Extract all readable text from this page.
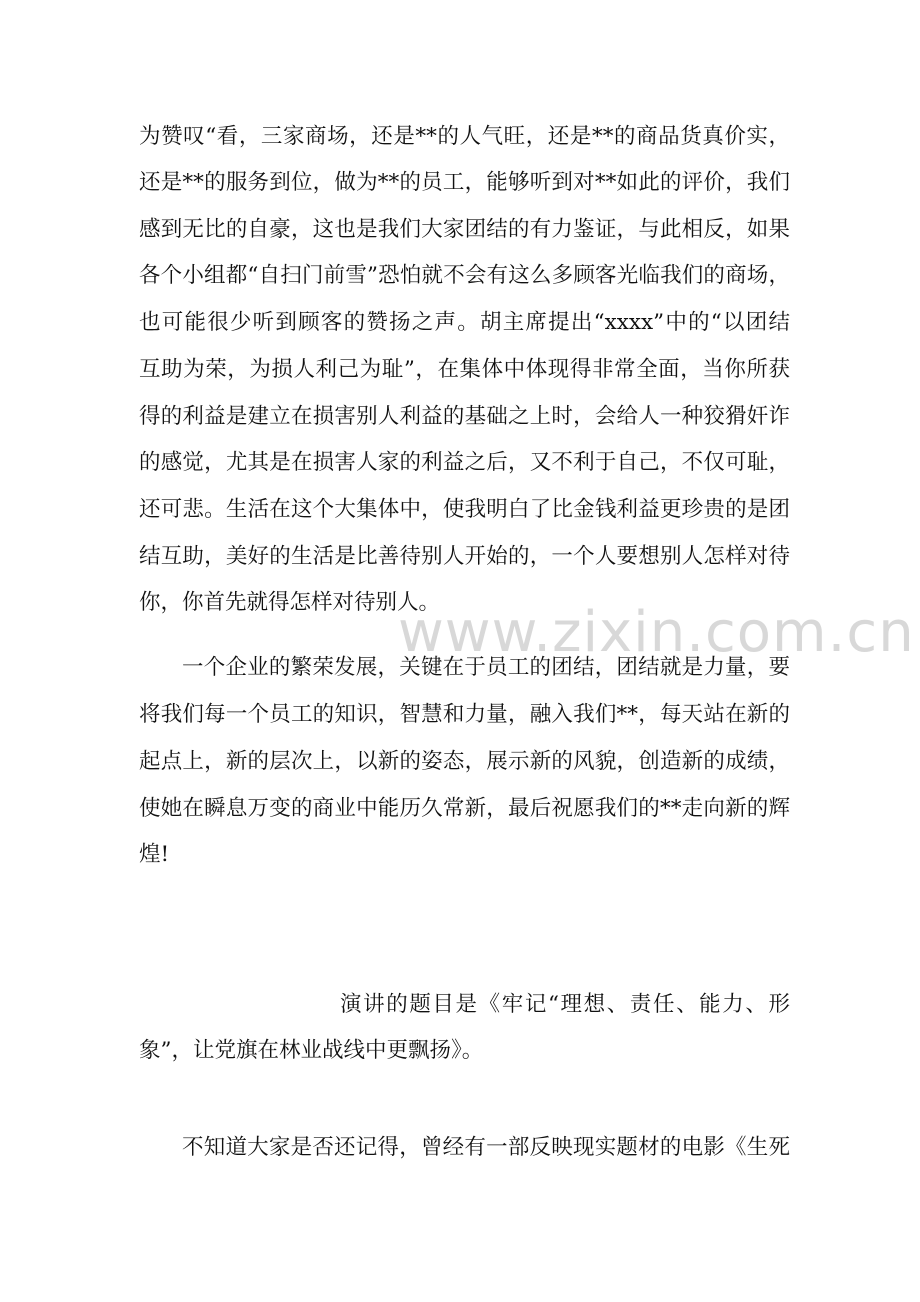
www.zixin.com.cn
为赞叹“看，三家商场，还是**的人气旺，还是**的商品货真价实，
还是**的服务到位，做为**的员工，能够听到对**如此的评价，我们
感到无比的自豪，这也是我们大家团结的有力鉴证，与此相反，如果
各个小组都“自扫门前雪”恐怕就不会有这么多顾客光临我们的商场，
也可能很少听到顾客的赞扬之声。胡主席提出“xxxx”中的“以团结
互助为荣，为损人利己为耻”，在集体中体现得非常全面，当你所获
得的利益是建立在损害别人利益的基础之上时，会给人一种狡猾奸诈
的感觉，尤其是在损害人家的利益之后，又不利于自己，不仅可耻，
还可悲。生活在这个大集体中，使我明白了比金钱利益更珍贵的是团
结互助，美好的生活是比善待别人开始的，一个人要想别人怎样对待
你，你首先就得怎样对待别人。
一个企业的繁荣发展，关键在于员工的团结，团结就是力量，要
将我们每一个员工的知识，智慧和力量，融入我们**，每天站在新的
起点上，新的层次上，以新的姿态，展示新的风貌，创造新的成绩，
使她在瞬息万变的商业中能历久常新，最后祝愿我们的**走向新的辉
煌!
演讲的题目是《牢记“理想、责任、能力、形
象”，让党旗在林业战线中更飘扬》。
不知道大家是否还记得，曾经有一部反映现实题材的电影《生死
